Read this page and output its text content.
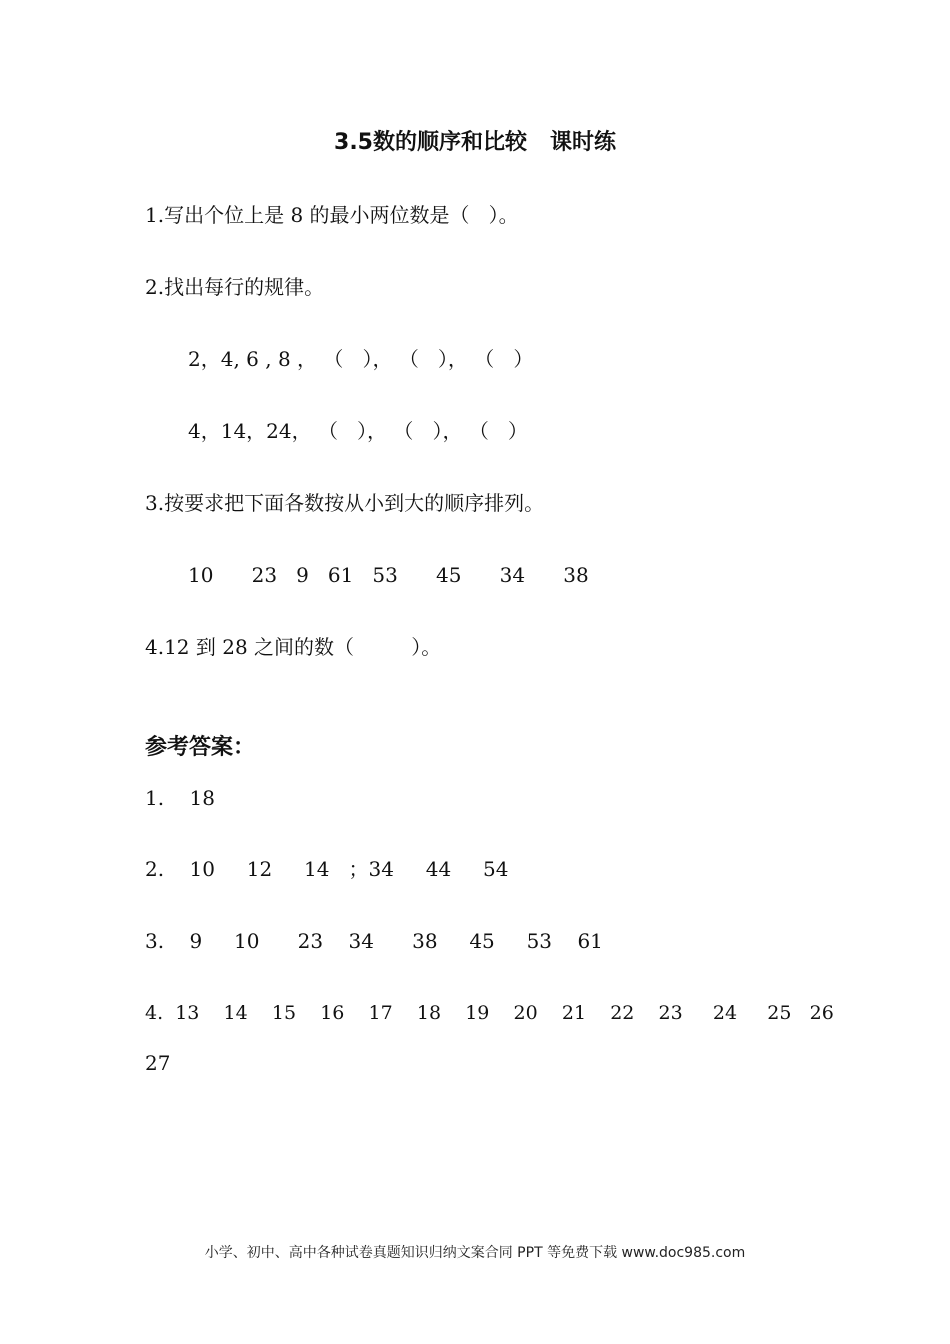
3.5数的顺序和比较   课时练
1.写出个位上是 8 的最小两位数是（   ）。
2.找出每行的规律。
2，4, 6 , 8 ， （   ）， （   ）， （   ）
4，14，24， （   ）， （   ）， （   ）
3.按要求把下面各数按从小到大的顺序排列。
10      23   9   61   53      45      34      38
4.12 到 28 之间的数（         ）。
参考答案：
1.    18
2.    10     12     14   ；34     44     54
3.    9     10      23    34      38     45     53    61
4.  13    14    15    16    17    18    19    20    21    22    23     24     25   26
27
小学、初中、高中各种试卷真题知识归纳文案合同 PPT 等免费下载 www.doc985.com
